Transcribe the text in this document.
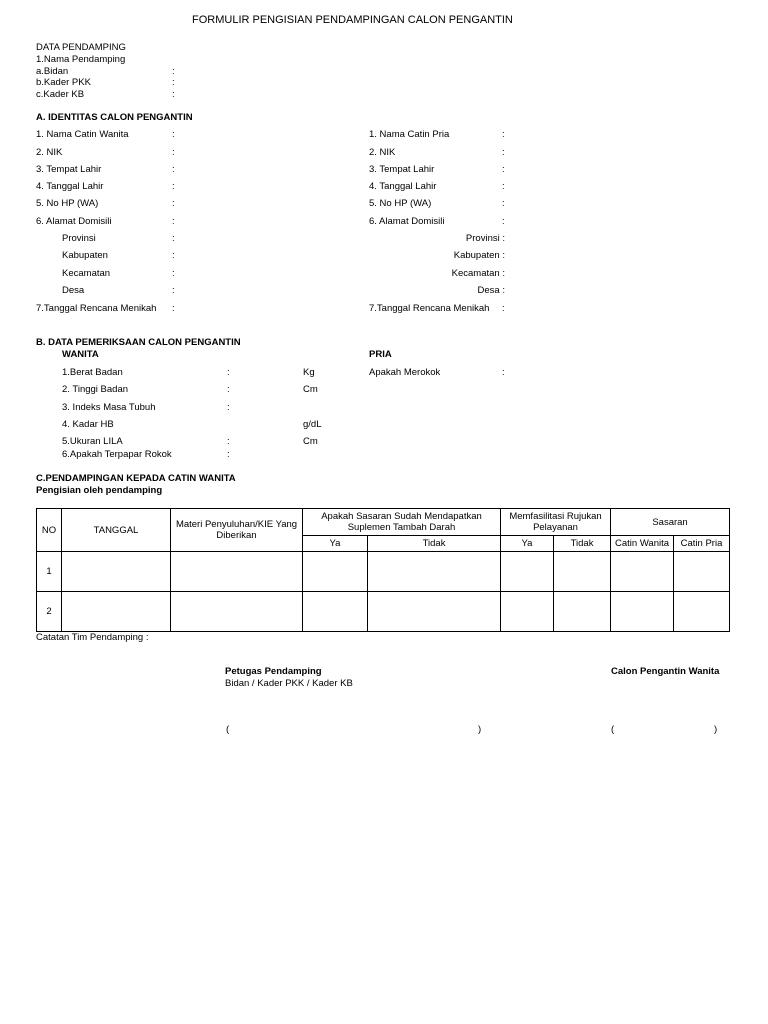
FORMULIR PENGISIAN PENDAMPINGAN CALON PENGANTIN
DATA PENDAMPING
1.Nama Pendamping
a.Bidan	:
b.Kader PKK	:
c.Kader KB	:
A. IDENTITAS CALON PENGANTIN
1. Nama Catin Wanita	:	1. Nama Catin Pria	:
2. NIK	:	2. NIK	:
3. Tempat Lahir	:	3. Tempat Lahir	:
4. Tanggal Lahir	:	4. Tanggal Lahir	:
5. No HP (WA)	:	5. No HP (WA)	:
6. Alamat Domisili	:	6. Alamat Domisili	:
Provinsi	:	Provinsi :
Kabupaten	:	Kabupaten :
Kecamatan	:	Kecamatan :
Desa	:	Desa :
7.Tanggal Rencana Menikah :	7.Tanggal Rencana Menikah :
B. DATA PEMERIKSAAN CALON PENGANTIN
WANITA	PRIA
1.Berat Badan	:	Kg	Apakah Merokok	:
2. Tinggi Badan	:	Cm
3. Indeks Masa Tubuh	:
4. Kadar HB	g/dL
5.Ukuran LILA	:	Cm
6.Apakah Terpapar Rokok	:
C.PENDAMPINGAN KEPADA CATIN WANITA
Pengisian oleh pendamping
NO	TANGGAL	Materi Penyuluhan/KIE Yang Diberikan	Apakah Sasaran Sudah Mendapatkan Suplemen Tambah Darah		Memfasilitasi Rujukan Pelayanan		Sasaran	
			Ya	Tidak	Ya	Tidak	Catin Wanita	Catin Pria
1								
2								
Catatan Tim Pendamping :
Petugas Pendamping
Bidan / Kader PKK / Kader KB
Calon Pengantin Wanita
(	)	(	)
